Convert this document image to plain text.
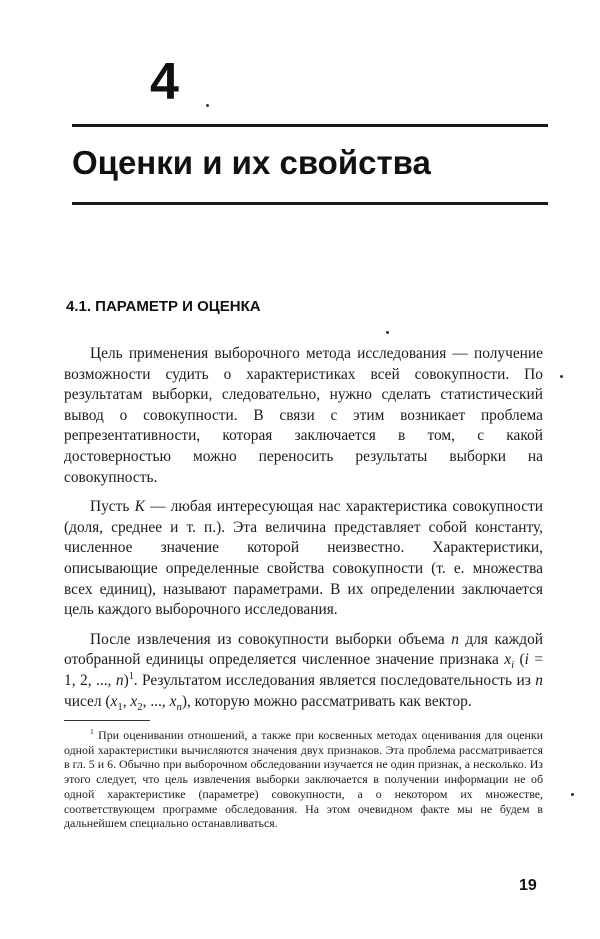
4
Оценки и их свойства
4.1. ПАРАМЕТР И ОЦЕНКА

Цель применения выборочного метода исследования — получение возможности судить о характеристиках всей совокупности. По результатам выборки, следовательно, нужно сделать статистический вывод о совокупности. В связи с этим возникает проблема репрезентативности, которая заключается в том, с какой достоверностью можно переносить результаты выборки на совокупность.

Пусть K — любая интересующая нас характеристика совокупности (доля, среднее и т. п.). Эта величина представляет собой константу, численное значение которой неизвестно. Характеристики, описывающие определенные свойства совокупности (т. е. множества всех единиц), называют параметрами. В их определении заключается цель каждого выборочного исследования.

После извлечения из совокупности выборки объема n для каждой отобранной единицы определяется численное значение признака $x_i$ (i = 1, 2, ..., n)$^1$. Результатом исследования является последовательность из n чисел ($x_1$, $x_2$, ..., $x_n$), которую можно рассматривать как вектор.

$^1$ При оценивании отношений, а также при косвенных методах оценивания для оценки одной характеристики вычисляются значения двух признаков. Эта проблема рассматривается в гл. 5 и 6. Обычно при выборочном обследовании изучается не один признак, а несколько. Из этого следует, что цель извлечения выборки заключается в получении информации не об одной характеристике (параметре) совокупности, а о некотором их множестве, соответствующем программе обследования. На этом очевидном факте мы не будем в дальнейшем специально останавливаться.

19
